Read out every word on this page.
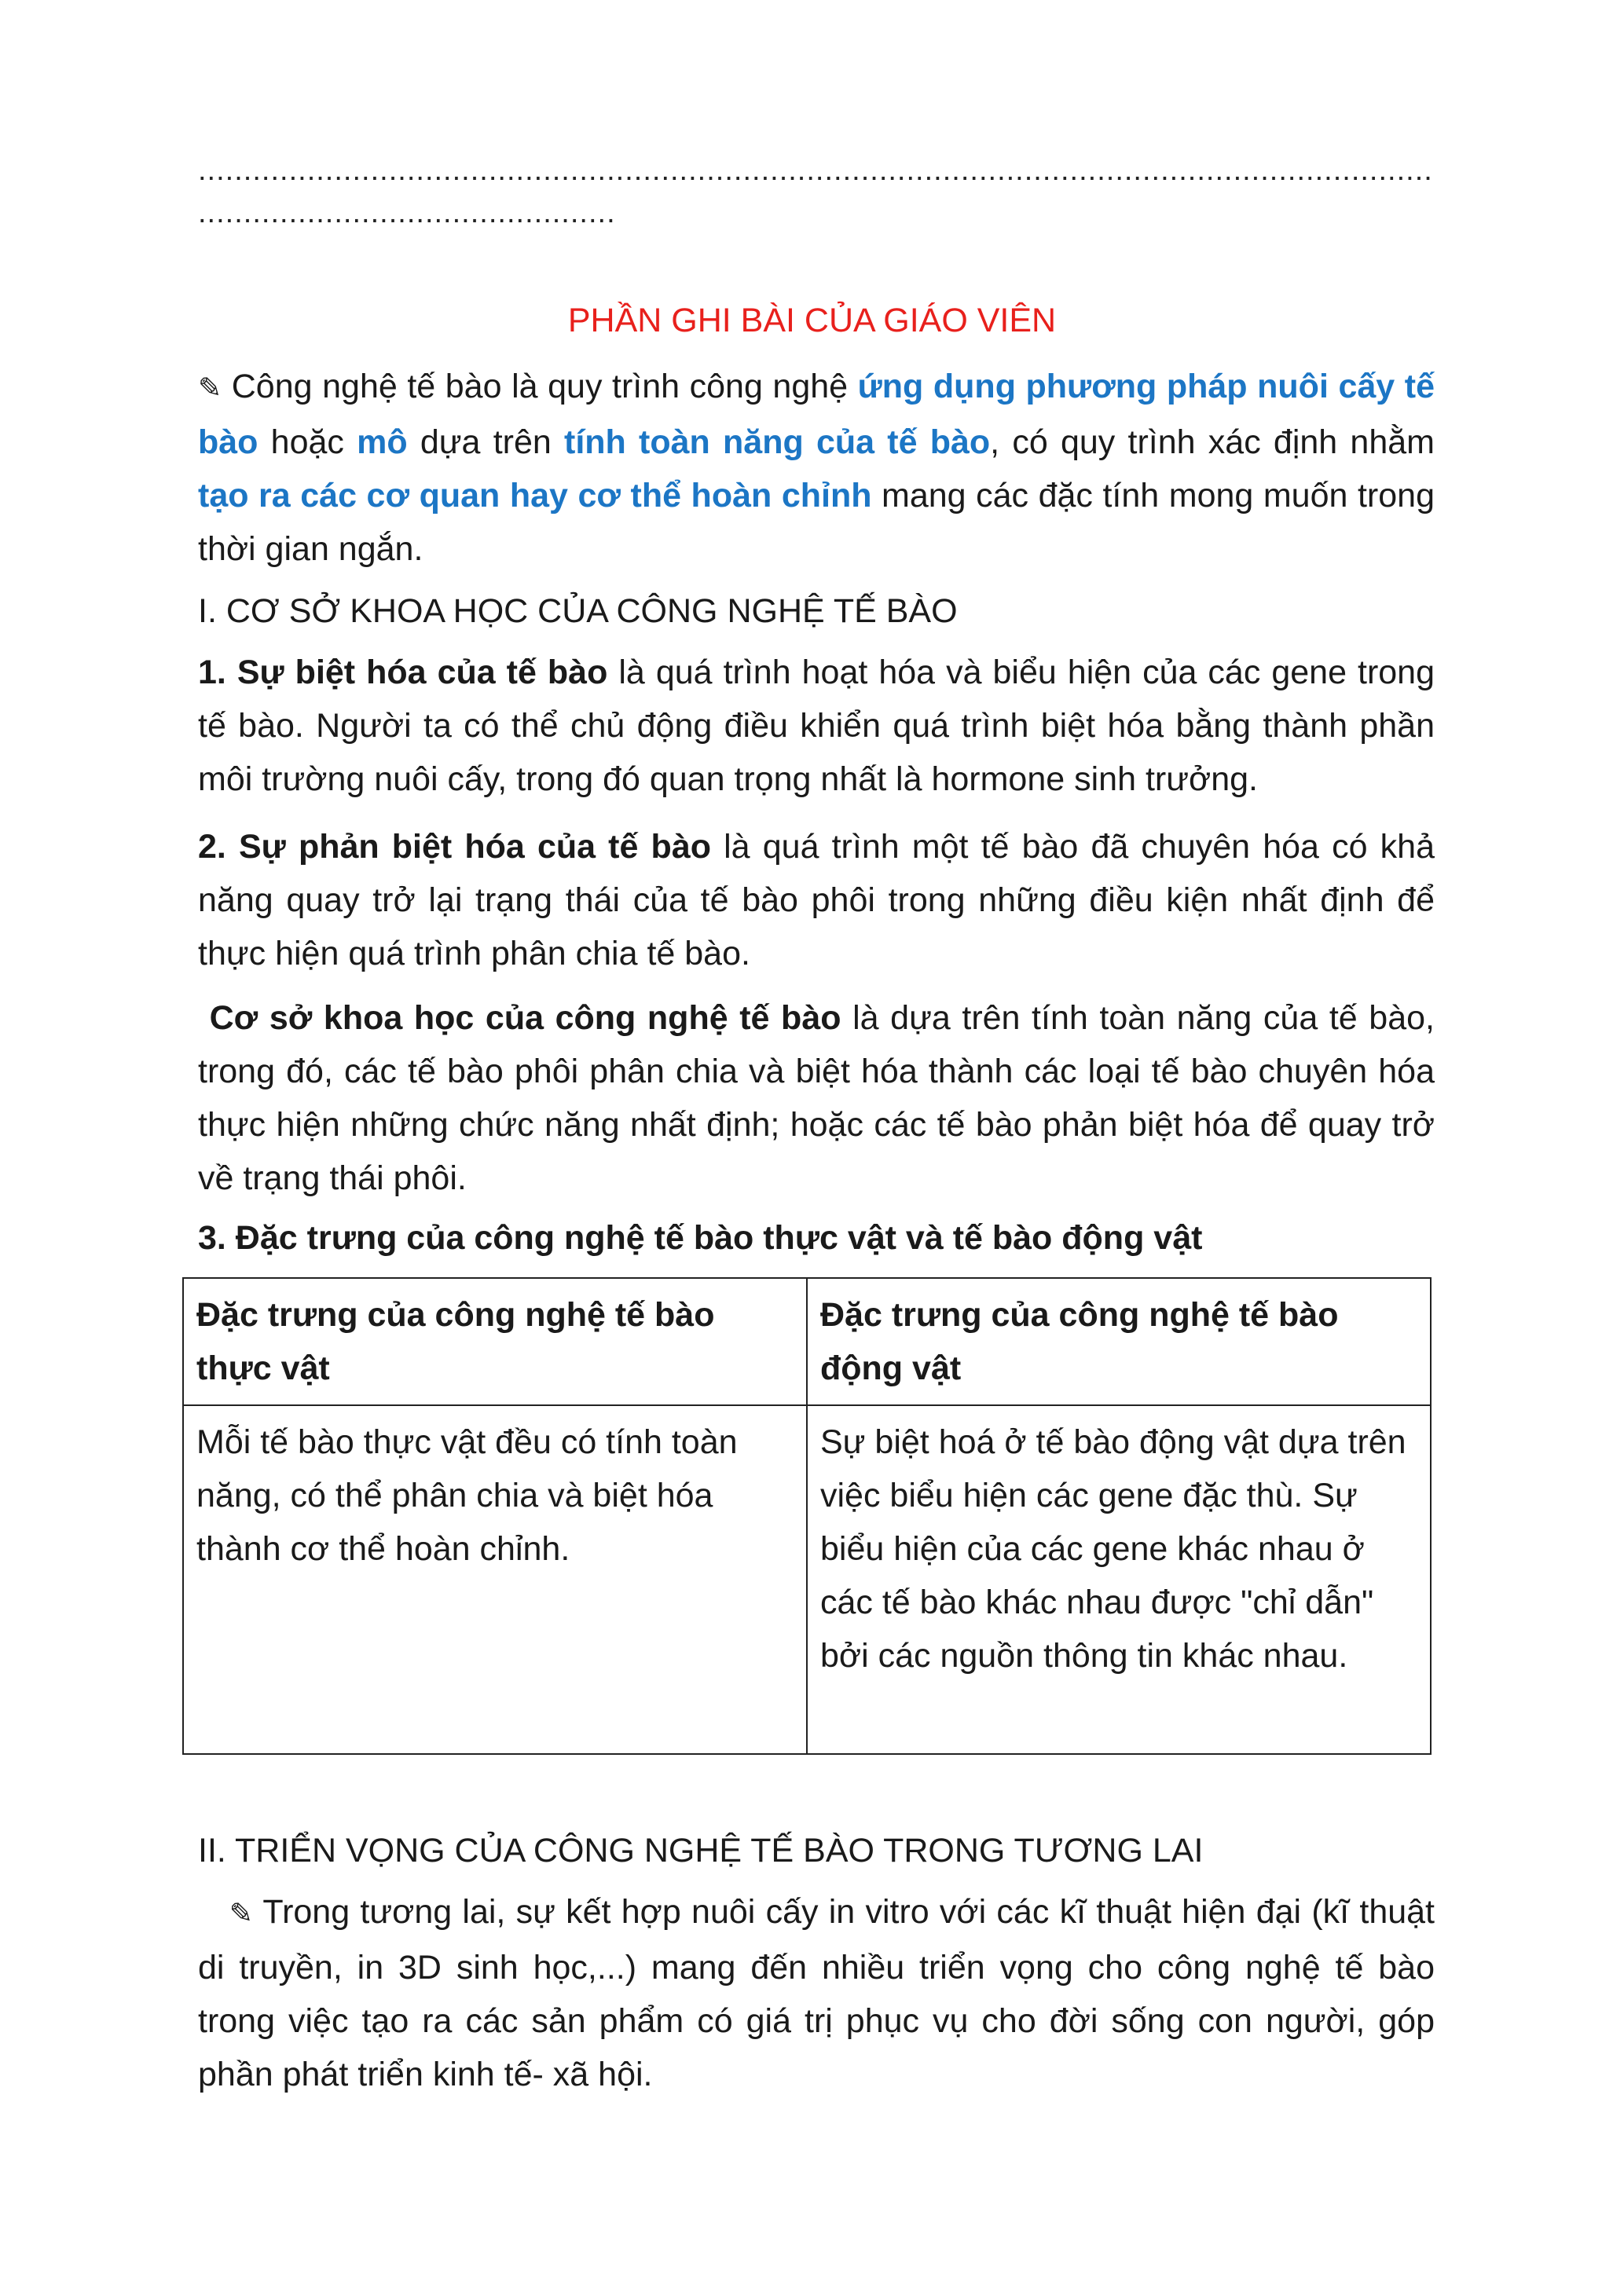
........................................................................................................................................
..............................................
PHẦN GHI BÀI CỦA GIÁO VIÊN

✎ Công nghệ tế bào là quy trình công nghệ ứng dụng phương pháp nuôi cấy tế bào hoặc mô dựa trên tính toàn năng của tế bào, có quy trình xác định nhằm tạo ra các cơ quan hay cơ thể hoàn chỉnh mang các đặc tính mong muốn trong thời gian ngắn.

I. CƠ SỞ KHOA HỌC CỦA CÔNG NGHỆ TẾ BÀO

1. Sự biệt hóa của tế bào là quá trình hoạt hóa và biểu hiện của các gene trong tế bào. Người ta có thể chủ động điều khiển quá trình biệt hóa bằng thành phần môi trường nuôi cấy, trong đó quan trọng nhất là hormone sinh trưởng.

2. Sự phản biệt hóa của tế bào là quá trình một tế bào đã chuyên hóa có khả năng quay trở lại trạng thái của tế bào phôi trong những điều kiện nhất định để thực hiện quá trình phân chia tế bào.

Cơ sở khoa học của công nghệ tế bào là dựa trên tính toàn năng của tế bào, trong đó, các tế bào phôi phân chia và biệt hóa thành các loại tế bào chuyên hóa thực hiện những chức năng nhất định; hoặc các tế bào phản biệt hóa để quay trở về trạng thái phôi.

3. Đặc trưng của công nghệ tế bào thực vật và tế bào động vật

Đặc trưng của công nghệ tế bào thực vật	Đặc trưng của công nghệ tế bào động vật
Mỗi tế bào thực vật đều có tính toàn năng, có thể phân chia và biệt hóa thành cơ thể hoàn chỉnh.	Sự biệt hoá ở tế bào động vật dựa trên việc biểu hiện các gene đặc thù. Sự biểu hiện của các gene khác nhau ở các tế bào khác nhau được "chỉ dẫn" bởi các nguồn thông tin khác nhau.

II. TRIỂN VỌNG CỦA CÔNG NGHỆ TẾ BÀO TRONG TƯƠNG LAI

✎ Trong tương lai, sự kết hợp nuôi cấy in vitro với các kĩ thuật hiện đại (kĩ thuật di truyền, in 3D sinh học,...) mang đến nhiều triển vọng cho công nghệ tế bào trong việc tạo ra các sản phẩm có giá trị phục vụ cho đời sống con người, góp phần phát triển kinh tế- xã hội.
